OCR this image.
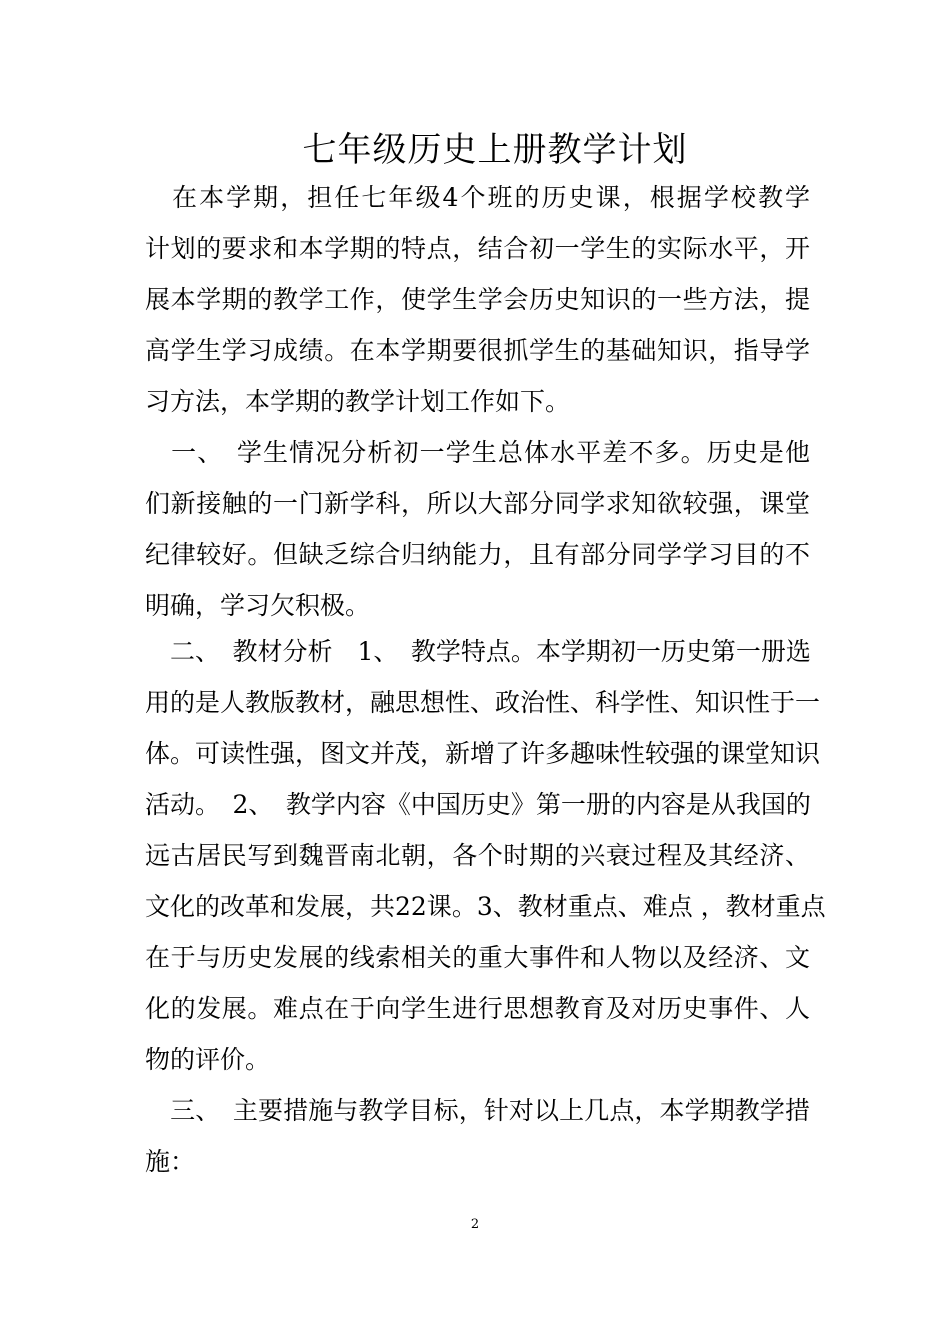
七年级历史上册教学计划
　在本学期，担任七年级4个班的历史课，根据学校教学
计划的要求和本学期的特点，结合初一学生的实际水平，开
展本学期的教学工作，使学生学会历史知识的一些方法，提
高学生学习成绩。在本学期要很抓学生的基础知识，指导学
习方法，本学期的教学计划工作如下。
　一、　学生情况分析初一学生总体水平差不多。历史是他
们新接触的一门新学科，所以大部分同学求知欲较强，课堂
纪律较好。但缺乏综合归纳能力，且有部分同学学习目的不
明确，学习欠积极。
　二、　教材分析　1、　教学特点。本学期初一历史第一册选
用的是人教版教材，融思想性、政治性、科学性、知识性于一
体。可读性强，图文并茂，新增了许多趣味性较强的课堂知识
活动。　2、　教学内容《中国历史》第一册的内容是从我国的
远古居民写到魏晋南北朝，各个时期的兴衰过程及其经济、
文化的改革和发展，共22课。3、教材重点、难点 ，教材重点
在于与历史发展的线索相关的重大事件和人物以及经济、文
化的发展。难点在于向学生进行思想教育及对历史事件、人
物的评价。
　三、　主要措施与教学目标，针对以上几点，本学期教学措
施：
2
